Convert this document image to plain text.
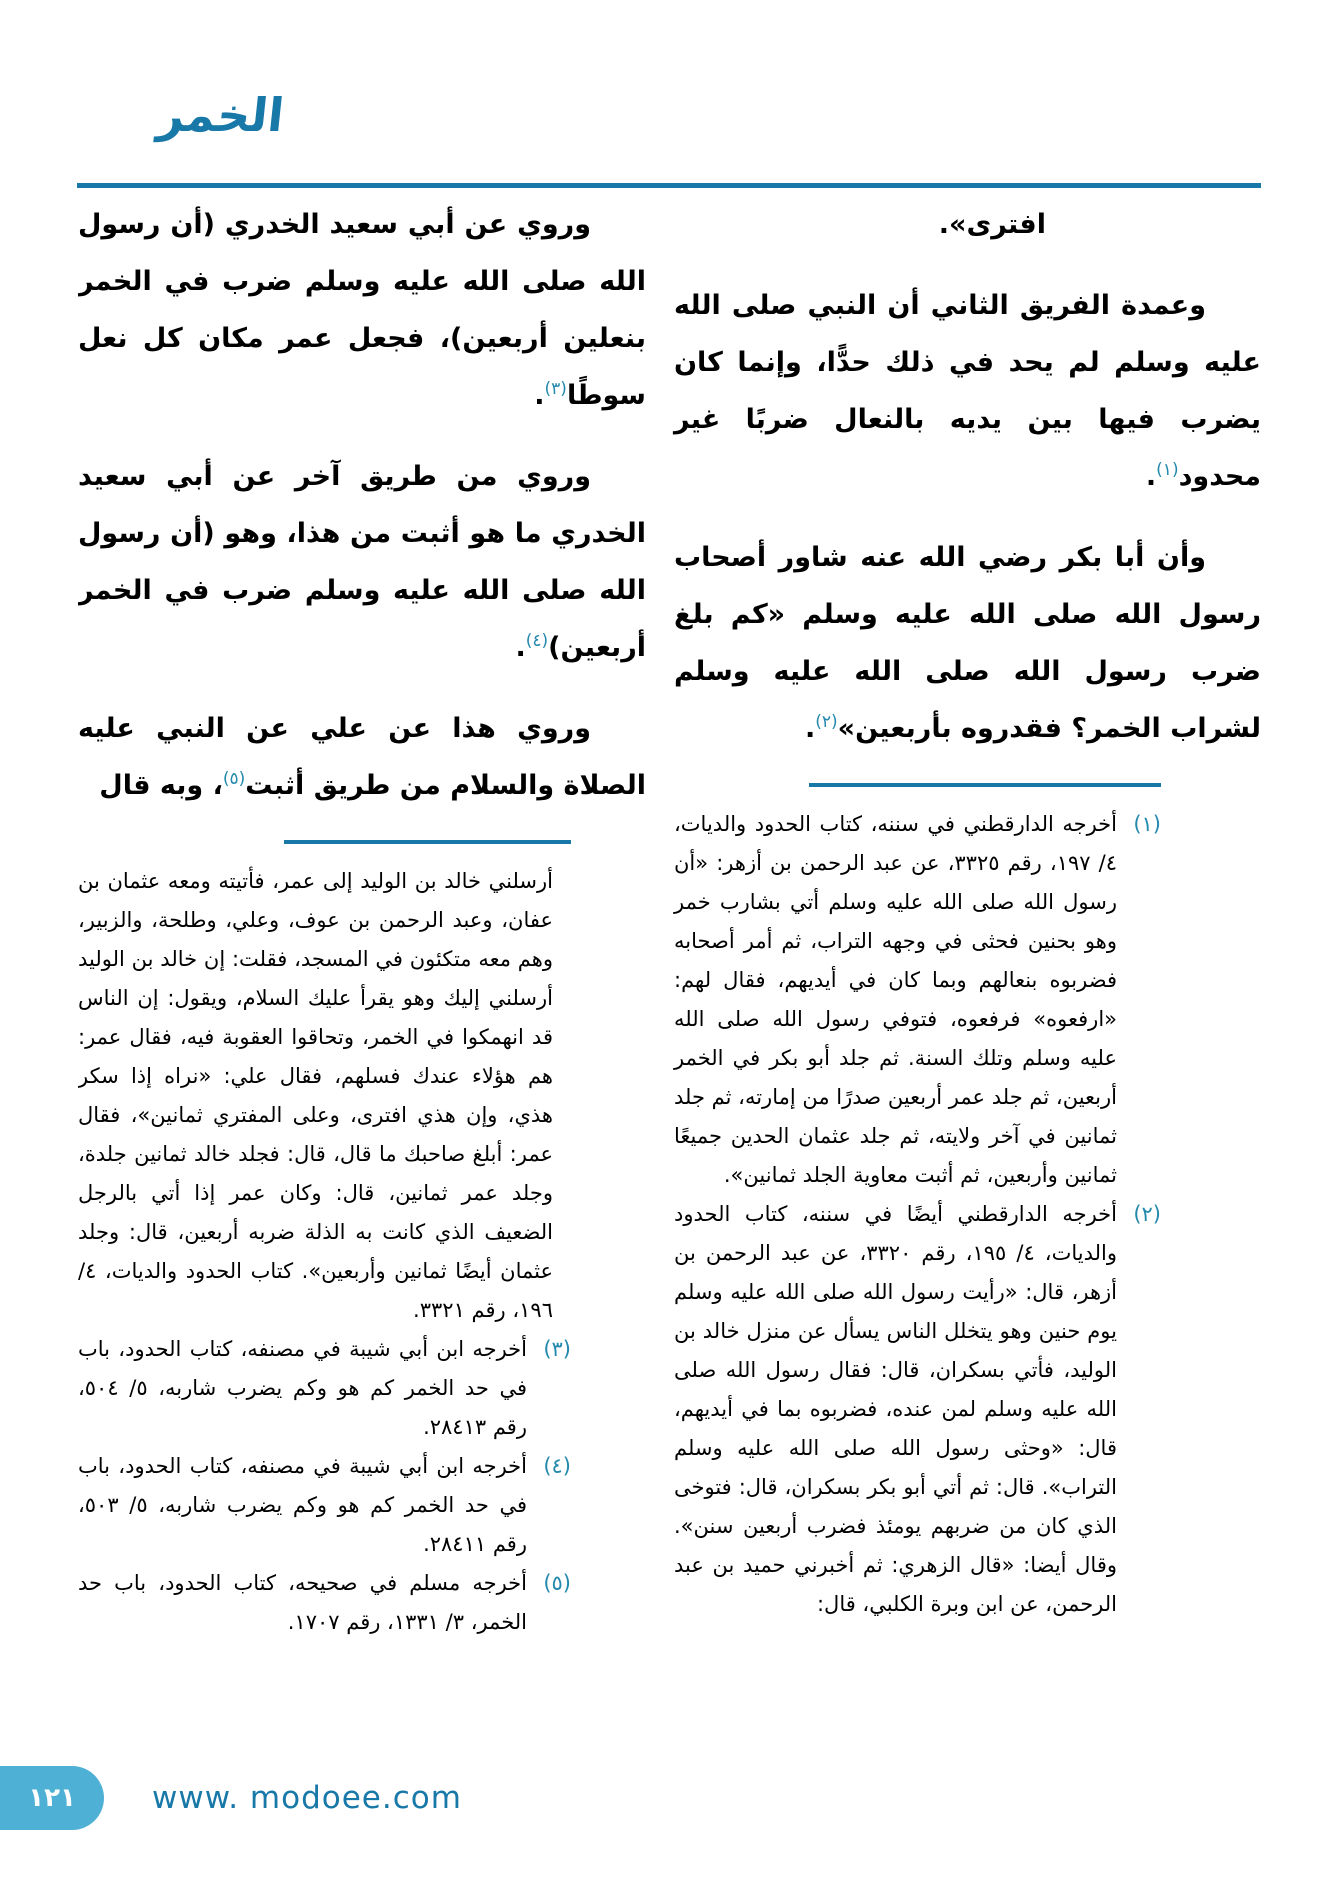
الخمر

افترى».

وعمدة الفريق الثاني أن النبي صلى الله عليه وسلم لم يحد في ذلك حدًّا، وإنما كان يضرب فيها بين يديه بالنعال ضربًا غير محدود$^{(١)}$.

وأن أبا بكر رضي الله عنه شاور أصحاب رسول الله صلى الله عليه وسلم «كم بلغ ضرب رسول الله صلى الله عليه وسلم لشراب الخمر؟ فقدروه بأربعين»$^{(٢)}$.

(١)
أخرجه الدارقطني في سننه، كتاب الحدود والديات، ٤/ ١٩٧، رقم ٣٣٢٥، عن عبد الرحمن بن أزهر: «أن رسول الله صلى الله عليه وسلم أتي بشارب خمر وهو بحنين فحثى في وجهه التراب، ثم أمر أصحابه فضربوه بنعالهم وبما كان في أيديهم، فقال لهم: «ارفعوه» فرفعوه، فتوفي رسول الله صلى الله عليه وسلم وتلك السنة. ثم جلد أبو بكر في الخمر أربعين، ثم جلد عمر أربعين صدرًا من إمارته، ثم جلد ثمانين في آخر ولايته، ثم جلد عثمان الحدين جميعًا ثمانين وأربعين، ثم أثبت معاوية الجلد ثمانين».
(٢)
أخرجه الدارقطني أيضًا في سننه، كتاب الحدود والديات، ٤/ ١٩٥، رقم ٣٣٢٠، عن عبد الرحمن بن أزهر، قال: «رأيت رسول الله صلى الله عليه وسلم يوم حنين وهو يتخلل الناس يسأل عن منزل خالد بن الوليد، فأتي بسكران، قال: فقال رسول الله صلى الله عليه وسلم لمن عنده، فضربوه بما في أيديهم، قال: «وحثى رسول الله صلى الله عليه وسلم التراب». قال: ثم أتي أبو بكر بسكران، قال: فتوخى الذي كان من ضربهم يومئذ فضرب أربعين سنن». وقال أيضا: «قال الزهري: ثم أخبرني حميد بن عبد الرحمن، عن ابن وبرة الكلبي، قال:

وروي عن أبي سعيد الخدري (أن رسول الله صلى الله عليه وسلم ضرب في الخمر بنعلين أربعين)، فجعل عمر مكان كل نعل سوطًا$^{(٣)}$.

وروي من طريق آخر عن أبي سعيد الخدري ما هو أثبت من هذا، وهو (أن رسول الله صلى الله عليه وسلم ضرب في الخمر أربعين)$^{(٤)}$.

وروي هذا عن علي عن النبي عليه الصلاة والسلام من طريق أثبت$^{(٥)}$، وبه قال

أرسلني خالد بن الوليد إلى عمر، فأتيته ومعه عثمان بن عفان، وعبد الرحمن بن عوف، وعلي، وطلحة، والزبير، وهم معه متكئون في المسجد، فقلت: إن خالد بن الوليد أرسلني إليك وهو يقرأ عليك السلام، ويقول: إن الناس قد انهمكوا في الخمر، وتحاقوا العقوبة فيه، فقال عمر: هم هؤلاء عندك فسلهم، فقال علي: «نراه إذا سكر هذي، وإن هذي افترى، وعلى المفتري ثمانين»، فقال عمر: أبلغ صاحبك ما قال، قال: فجلد خالد ثمانين جلدة، وجلد عمر ثمانين، قال: وكان عمر إذا أتي بالرجل الضعيف الذي كانت به الذلة ضربه أربعين، قال: وجلد عثمان أيضًا ثمانين وأربعين». كتاب الحدود والديات، ٤/ ١٩٦، رقم ٣٣٢١.
(٣)
أخرجه ابن أبي شيبة في مصنفه، كتاب الحدود، باب في حد الخمر كم هو وكم يضرب شاربه، ٥/ ٥٠٤، رقم ٢٨٤١٣.
(٤)
أخرجه ابن أبي شيبة في مصنفه، كتاب الحدود، باب في حد الخمر كم هو وكم يضرب شاربه، ٥/ ٥٠٣، رقم ٢٨٤١١.
(٥)
أخرجه مسلم في صحيحه، كتاب الحدود، باب حد الخمر، ٣/ ١٣٣١، رقم ١٧٠٧.
١٢١ www. modoee.com
